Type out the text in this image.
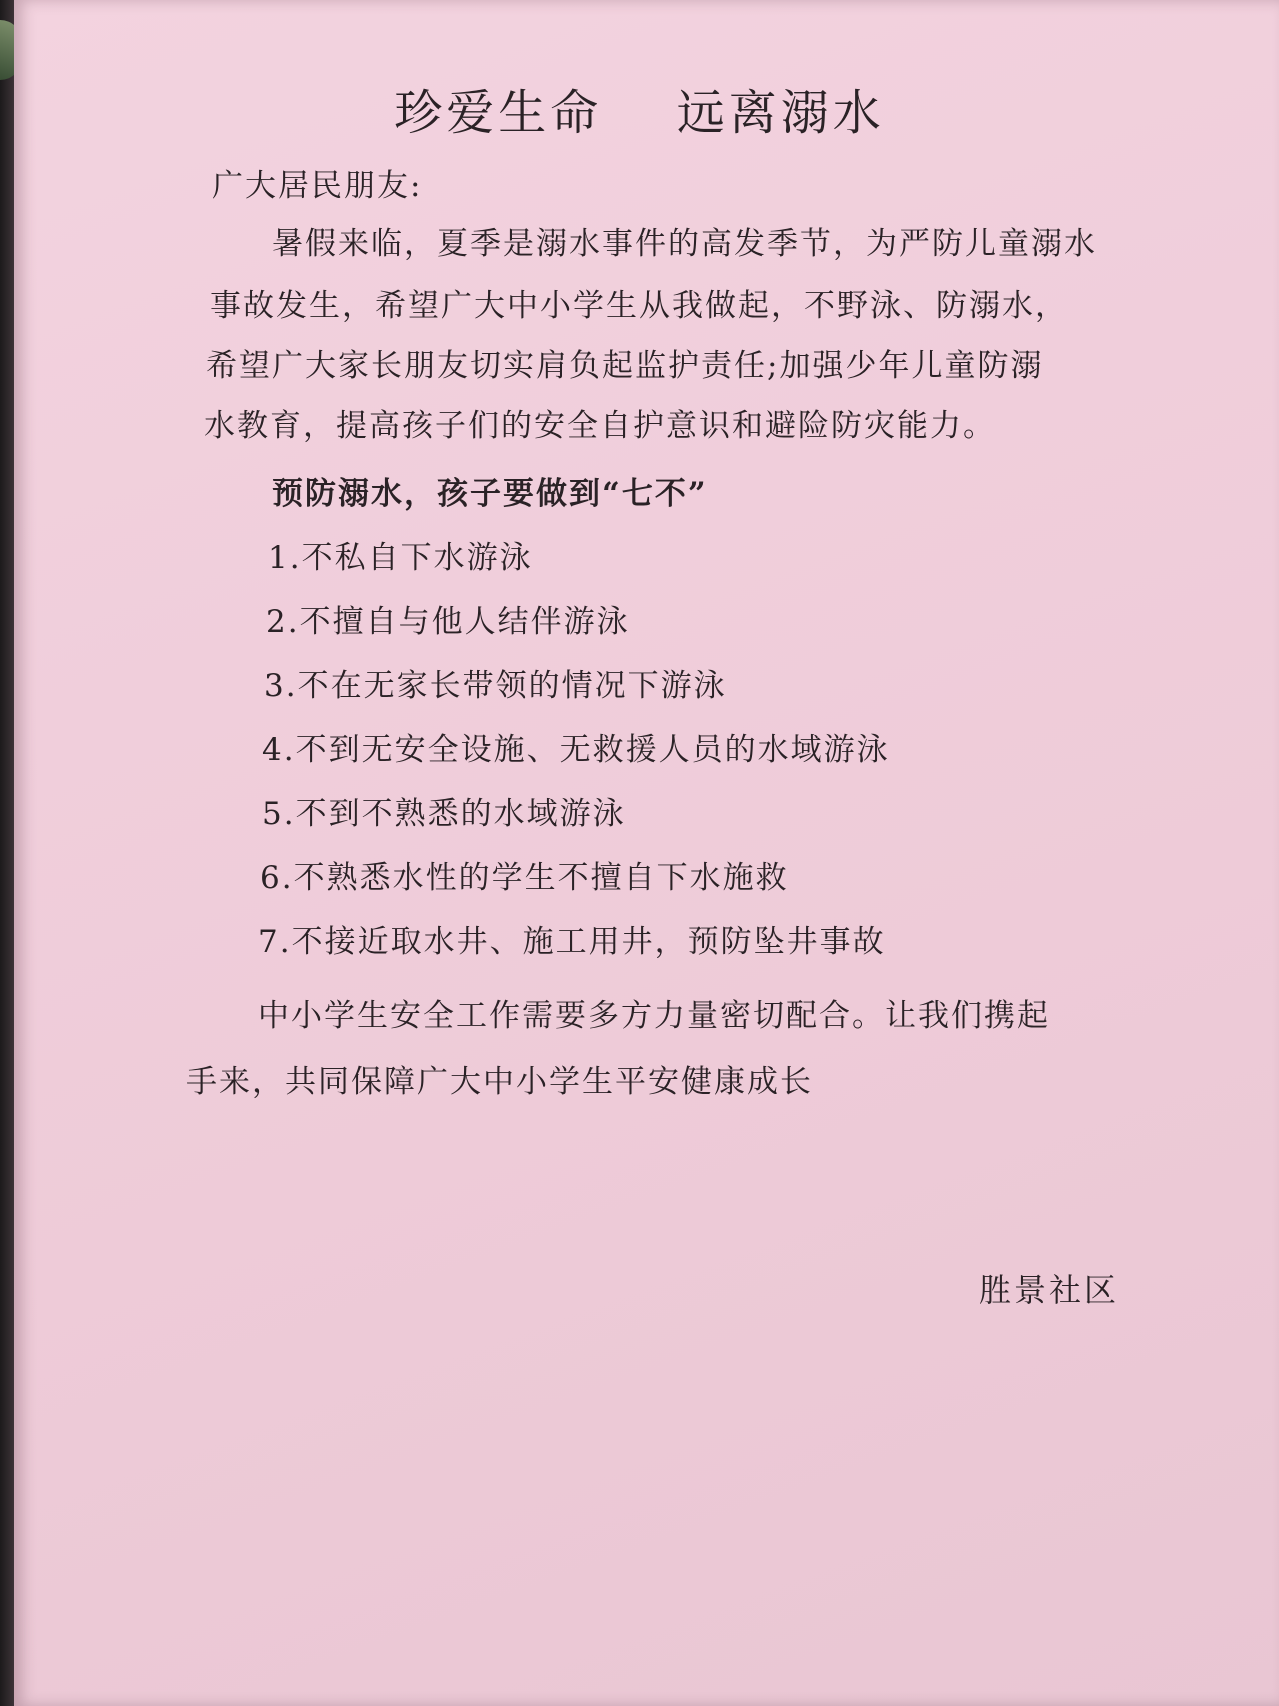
珍爱生命  远离溺水
广大居民朋友:
暑假来临，夏季是溺水事件的高发季节，为严防儿童溺水
事故发生，希望广大中小学生从我做起，不野泳、防溺水，
希望广大家长朋友切实肩负起监护责任;加强少年儿童防溺
水教育，提高孩子们的安全自护意识和避险防灾能力。
预防溺水，孩子要做到“七不”
1.不私自下水游泳
2.不擅自与他人结伴游泳
3.不在无家长带领的情况下游泳
4.不到无安全设施、无救援人员的水域游泳
5.不到不熟悉的水域游泳
6.不熟悉水性的学生不擅自下水施救
7.不接近取水井、施工用井，预防坠井事故
中小学生安全工作需要多方力量密切配合。让我们携起
手来，共同保障广大中小学生平安健康成长
胜景社区
